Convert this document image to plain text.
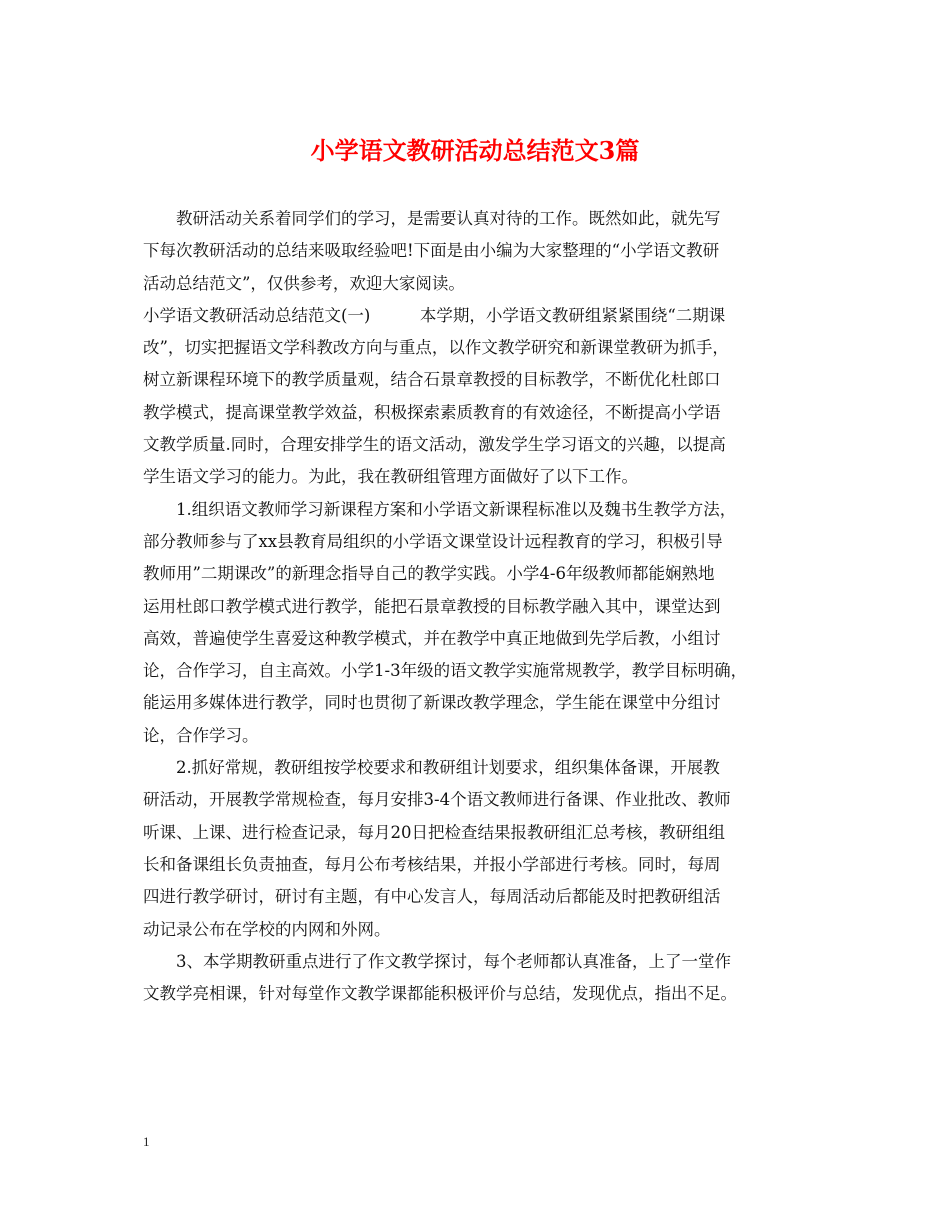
小学语文教研活动总结范文3篇
　　教研活动关系着同学们的学习，是需要认真对待的工作。既然如此，就先写
下每次教研活动的总结来吸取经验吧!下面是由小编为大家整理的“小学语文教研
活动总结范文”，仅供参考，欢迎大家阅读。
小学语文教研活动总结范文(一)　　　本学期，小学语文教研组紧紧围绕“二期课
改”，切实把握语文学科教改方向与重点，以作文教学研究和新课堂教研为抓手，
树立新课程环境下的教学质量观，结合石景章教授的目标教学，不断优化杜郎口
教学模式，提高课堂教学效益，积极探索素质教育的有效途径，不断提高小学语
文教学质量.同时，合理安排学生的语文活动，激发学生学习语文的兴趣，以提高
学生语文学习的能力。为此，我在教研组管理方面做好了以下工作。
　　1.组织语文教师学习新课程方案和小学语文新课程标准以及魏书生教学方法，
部分教师参与了xx县教育局组织的小学语文课堂设计远程教育的学习，积极引导
教师用”二期课改”的新理念指导自己的教学实践。小学4-6年级教师都能娴熟地
运用杜郎口教学模式进行教学，能把石景章教授的目标教学融入其中，课堂达到
高效，普遍使学生喜爱这种教学模式，并在教学中真正地做到先学后教，小组讨
论，合作学习，自主高效。小学1-3年级的语文教学实施常规教学，教学目标明确，
能运用多媒体进行教学，同时也贯彻了新课改教学理念，学生能在课堂中分组讨
论，合作学习。
　　2.抓好常规，教研组按学校要求和教研组计划要求，组织集体备课，开展教
研活动，开展教学常规检查，每月安排3-4个语文教师进行备课、作业批改、教师
听课、上课、进行检查记录，每月20日把检查结果报教研组汇总考核，教研组组
长和备课组长负责抽查，每月公布考核结果，并报小学部进行考核。同时，每周
四进行教学研讨，研讨有主题，有中心发言人，每周活动后都能及时把教研组活
动记录公布在学校的内网和外网。
　　3、本学期教研重点进行了作文教学探讨，每个老师都认真准备，上了一堂作
文教学亮相课，针对每堂作文教学课都能积极评价与总结，发现优点，指出不足。
1
